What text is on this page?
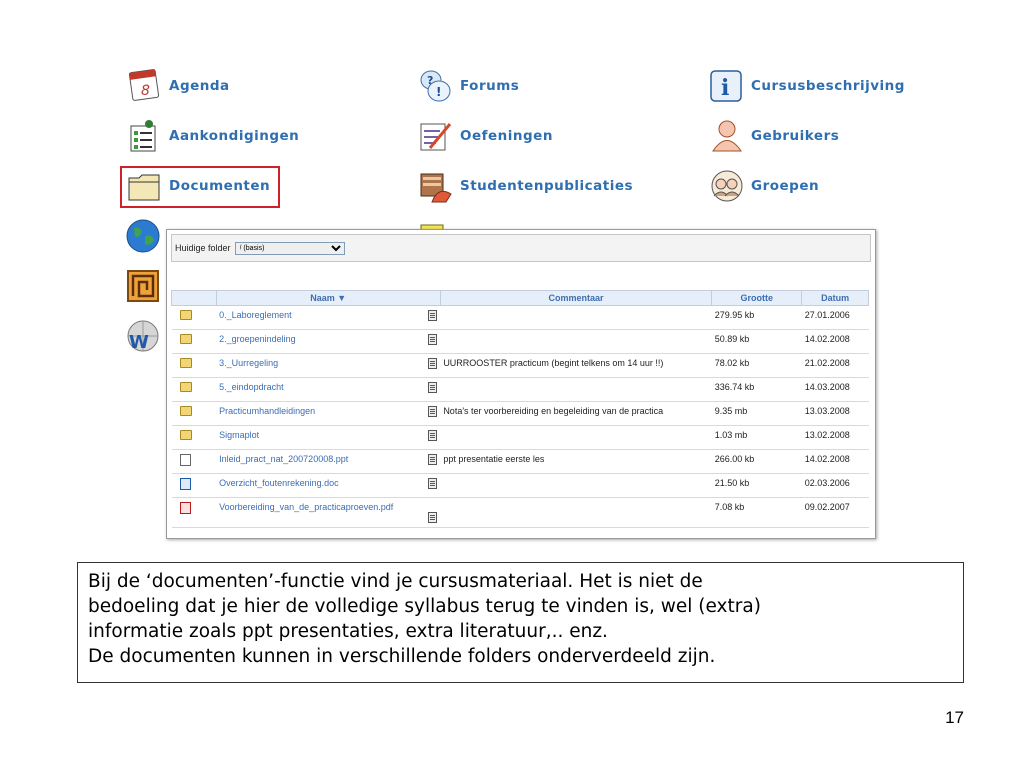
8 Agenda	?
! Forums	i Cursusbeschrijving
Aankondigingen	Oefeningen	Gebruikers
Documenten	Studentenpublicaties	Groepen
W
Huidige folder
/ (basis)
	Naam ▼	Commentaar	Grootte	Datum
	0._Laboreglement		279.95 kb	27.01.2006
	2._groepenindeling		50.89 kb	14.02.2008
	3._Uurregeling	UURROOSTER practicum (begint telkens om 14 uur !!)	78.02 kb	21.02.2008
	5._eindopdracht		336.74 kb	14.03.2008
	Practicumhandleidingen	Nota's ter voorbereiding en begeleiding van de practica	9.35 mb	13.03.2008
	Sigmaplot		1.03 mb	13.02.2008
	Inleid_pract_nat_200720008.ppt	ppt presentatie eerste les	266.00 kb	14.02.2008
	Overzicht_foutenrekening.doc		21.50 kb	02.03.2006
	Voorbereiding_van_de_practicaproeven.pdf		7.08 kb	09.02.2007
Bij de ‘documenten’-functie vind je cursusmateriaal. Het is niet de
bedoeling dat je hier de volledige syllabus terug te vinden is, wel (extra)
informatie zoals ppt presentaties, extra literatuur,.. enz.
De documenten kunnen in verschillende folders onderverdeeld zijn.
17
